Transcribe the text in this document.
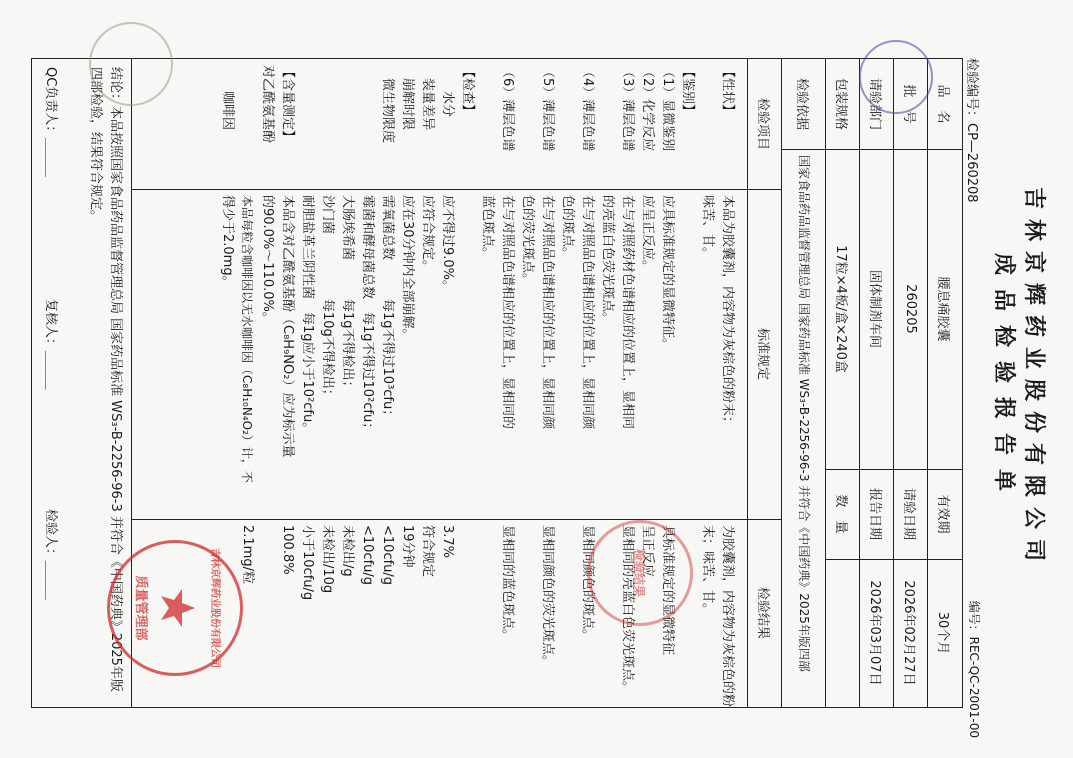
吉林京辉药业股份有限公司
成品检验报告单
检验编号：CP—260208
编号：REC-QC-2001-00
品　名
腰息痛胶囊
有效期
30个月
批　号
260205
请验日期
2026年02月27日
请验部门
固体制剂车间
报告日期
2026年03月07日
包装规格
17粒×4板/盒×240盒
数　量
检验依据
国家食品药品监督管理总局 国家药品标准 WS₃-B-2256-96-3 并符合《中国药典》2025年版四部
检验项目
标准规定
检验结果
【性状】
【鉴别】
（1）显微鉴别
（2）化学反应
（3）薄层色谱
（4）薄层色谱
（5）薄层色谱
（6）薄层色谱
【检查】
　　水分
　装量差异
　崩解时限
　微生物限度
【含量测定】
对乙酰氨基酚
　　咖啡因
本品为胶囊剂，内容物为灰棕色的粉末；
味苦、甘。
应具标准规定的显微特征。
应呈正反应。
在与对照药材色谱相应的位置上，显相同
的亮蓝白色荧光斑点。
在与对照品色谱相应的位置上，显相同颜
色的斑点。
在与对照品色谱相应的位置上，显相同颜
色的荧光斑点。
在与对照品色谱相应的位置上，显相同的
蓝色斑点。
应不得过9.0%。
应符合规定。
应在30分钟内全部崩解。
需氧菌总数　　　每1g不得过10³cfu；
霉菌和酵母菌总数　每1g不得过10²cfu；
大肠埃希菌　　　每1g不得检出；
沙门菌　　　　　每10g不得检出；
耐胆盐革兰阴性菌　每1g应小于10²cfu。
本品含对乙酰氨基酚（C₈H₉NO₂）应为标示量
的90.0%～110.0%。
本品每粒含咖啡因以无水咖啡因（C₈H₁₀N₄O₂）计，不
得少于2.0mg。
为胶囊剂，内容物为灰棕色的粉
末；味苦、甘。
具标准规定的显微特征
呈正反应
显相同的亮蓝白色荧光斑点。
显相同颜色的斑点。
显相同颜色的荧光斑点。
显相同的蓝色斑点。
3.7%
符合规定
19分钟
<10cfu/g
<10cfu/g
未检出/g
未检出/10g
小于10cfu/g
100.8%
2.1mg/粒
结论：本品按照国家食品药品监督管理总局 国家药品标准 WS₃-B-2256-96-3 并符合《中国药典》2025年版四部检验，结果符合规定。
QC负责人：＿＿＿
复核人：＿＿＿
检验人：＿＿＿	吉林京辉药业股份有限公司
质量管理部
检验结果
